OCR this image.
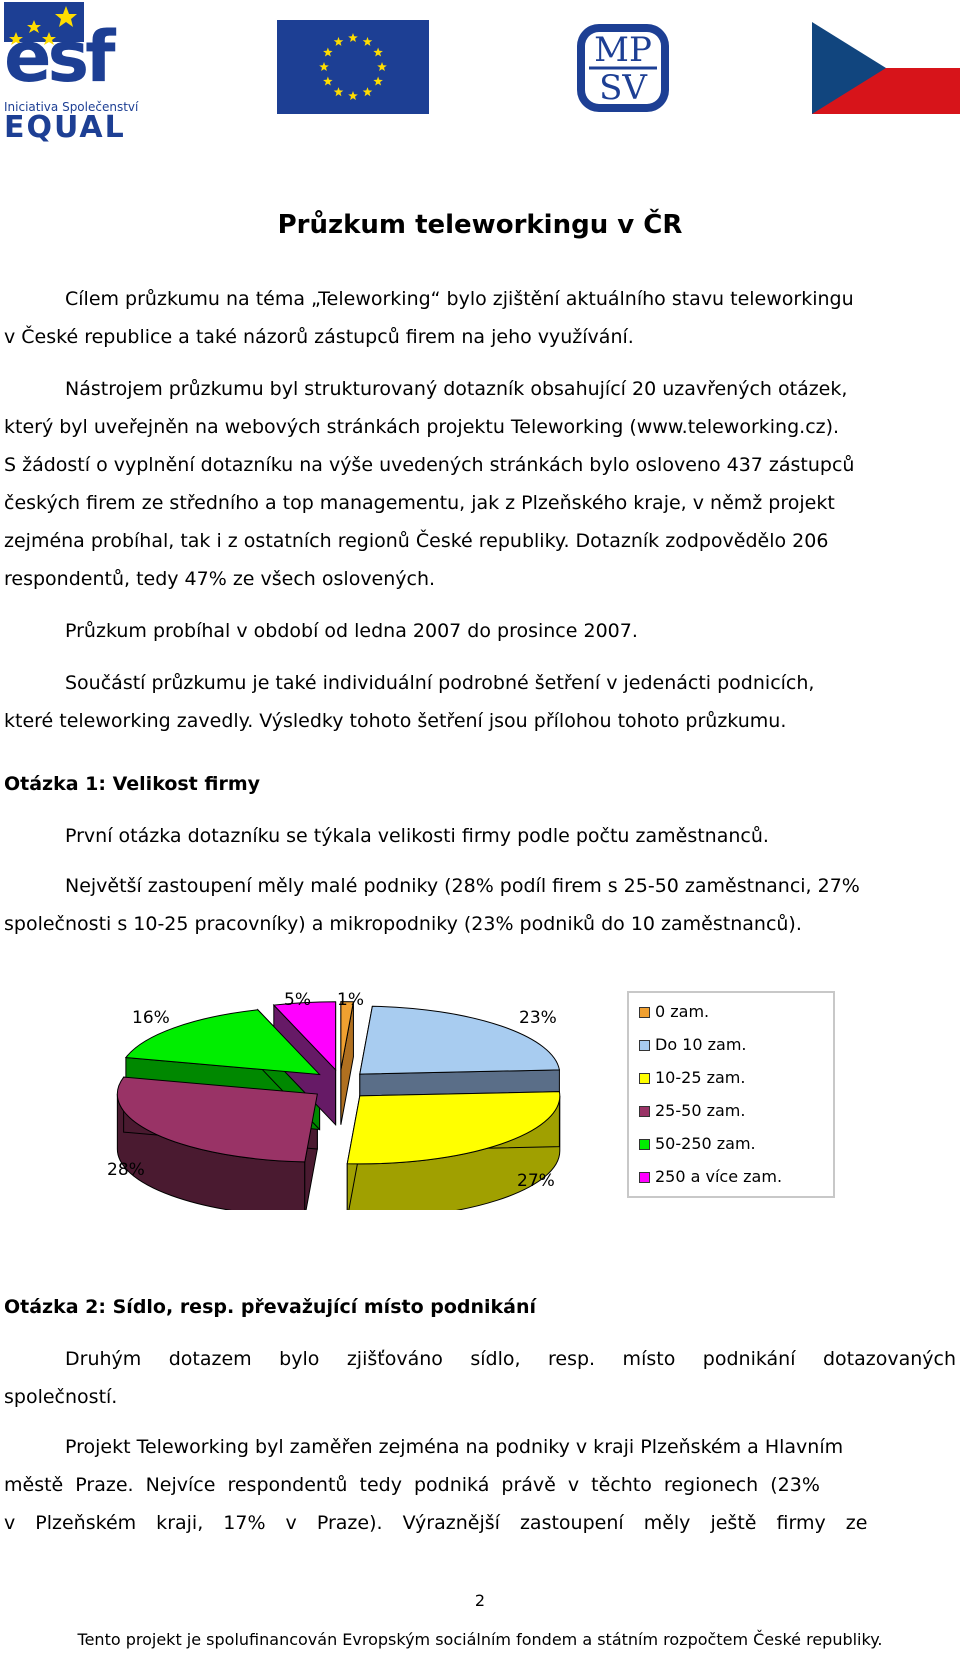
esf
Iniciativa Společenství
EQUAL
MP
SV
Průzkum teleworkingu v ČR
Cílem průzkumu na téma „Teleworking“ bylo zjištění aktuálního stavu teleworkingu
v České republice a také názorů zástupců firem na jeho využívání.
Nástrojem průzkumu byl strukturovaný dotazník obsahující 20 uzavřených otázek,
který byl uveřejněn na webových stránkách projektu Teleworking (www.teleworking.cz).
S žádostí o vyplnění dotazníku na výše uvedených stránkách bylo osloveno 437 zástupců
českých firem ze středního a top managementu, jak z Plzeňského kraje, v němž projekt
zejména probíhal, tak i z ostatních regionů České republiky. Dotazník zodpovědělo 206
respondentů, tedy 47% ze všech oslovených.
Průzkum probíhal v období od ledna 2007 do prosince 2007.
Součástí průzkumu je také individuální podrobné šetření v jedenácti podnicích,
které teleworking zavedly. Výsledky tohoto šetření jsou přílohou tohoto průzkumu.
Otázka 1: Velikost firmy
První otázka dotazníku se týkala velikosti firmy podle počtu zaměstnanců.
Největší zastoupení měly malé podniky (28% podíl firem s 25-50 zaměstnanci, 27%
společnosti s 10-25 pracovníky) a mikropodniky (23% podniků do 10 zaměstnanců).
16%
5% 1%
23%
28%
27%
0 zam.
Do 10 zam.
10-25 zam.
25-50 zam.
50-250 zam.
250 a více zam.
Otázka 2: Sídlo, resp. převažující místo podnikání
Druhým dotazem bylo zjišťováno sídlo, resp. místo podnikání dotazovaných
společností.
Projekt Teleworking byl zaměřen zejména na podniky v kraji Plzeňském a Hlavním
městě Praze. Nejvíce respondentů tedy podniká právě v těchto regionech (23%
v Plzeňském kraji, 17% v Praze). Výraznější zastoupení měly ještě firmy ze
2
Tento projekt je spolufinancován Evropským sociálním fondem a státním rozpočtem České republiky.
